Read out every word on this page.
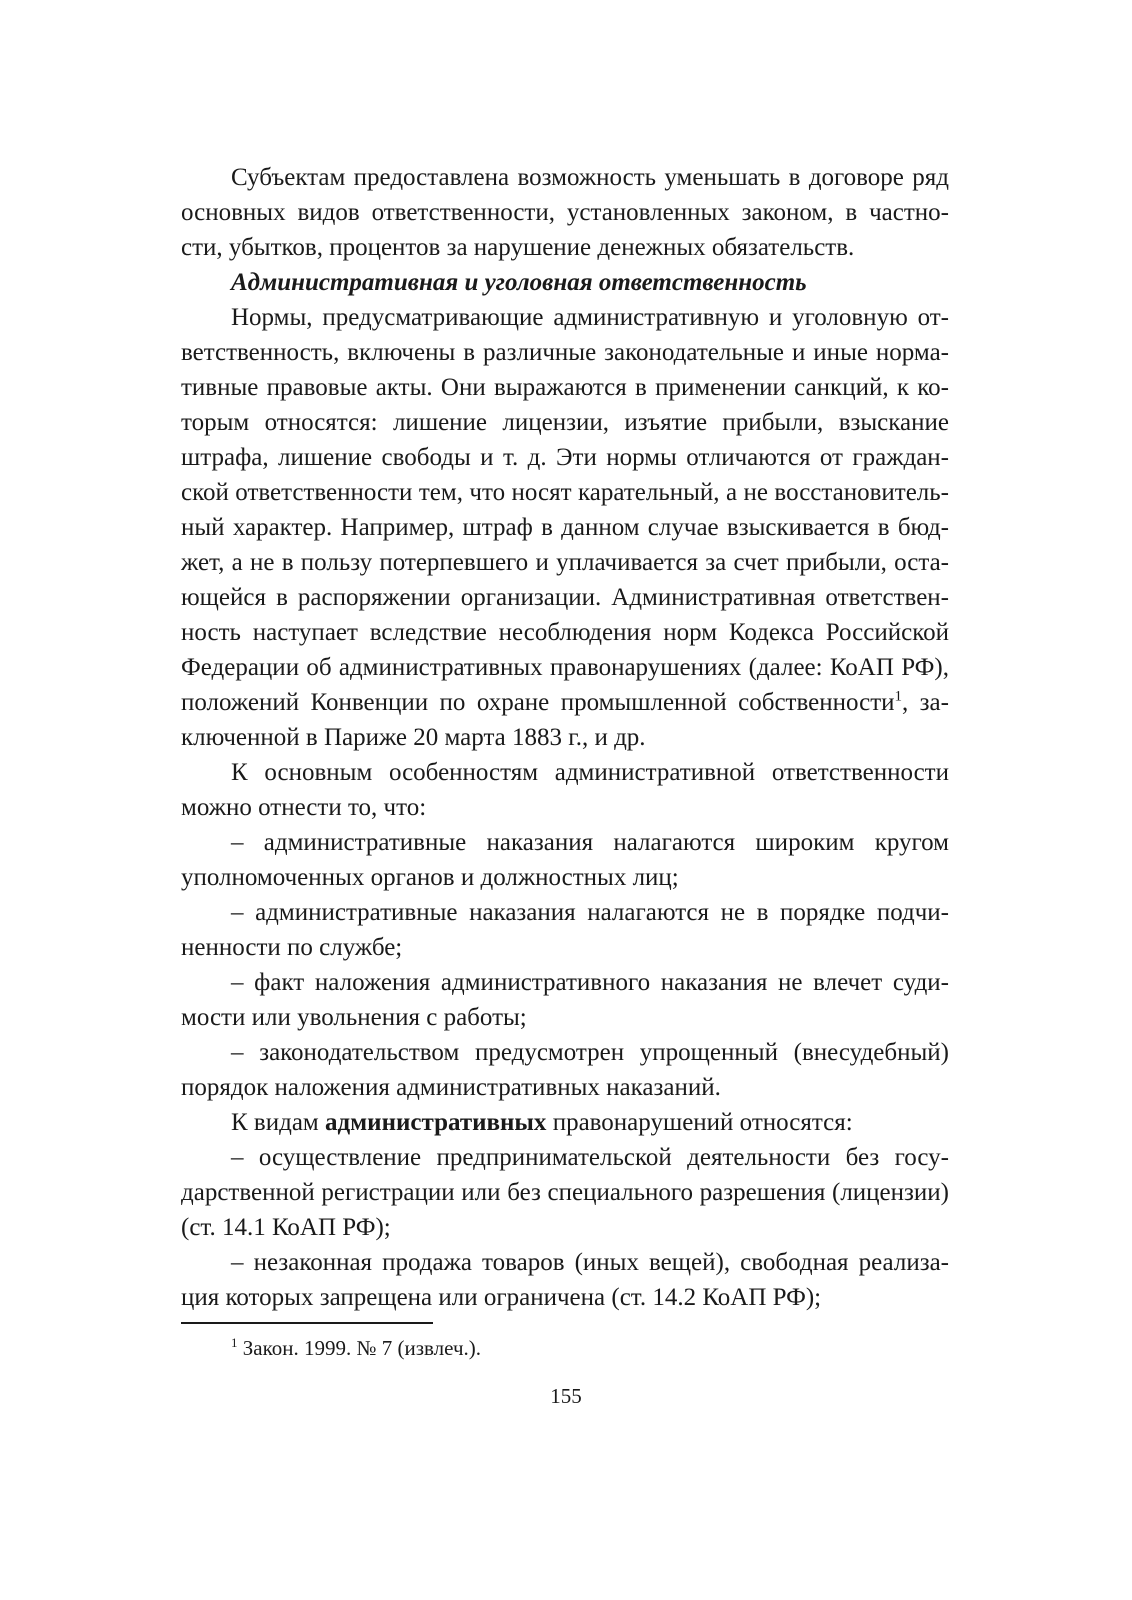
Субъектам предоставлена возможность уменьшать в договоре ряд основных видов ответственности, установленных законом, в частности, убытков, процентов за нарушение денежных обязательств.

Административная и уголовная ответственность

Нормы, предусматривающие административную и уголовную ответственность, включены в различные законодательные и иные нормативные правовые акты. Они выражаются в применении санкций, к которым относятся: лишение лицензии, изъятие прибыли, взыскание штрафа, лишение свободы и т. д. Эти нормы отличаются от гражданской ответственности тем, что носят карательный, а не восстановительный характер. Например, штраф в данном случае взыскивается в бюджет, а не в пользу потерпевшего и уплачивается за счет прибыли, остающейся в распоряжении организации. Административная ответственность наступает вследствие несоблюдения норм Кодекса Российской Федерации об административных правонарушениях (далее: КоАП РФ), положений Конвенции по охране промышленной собственности$^1$, заключенной в Париже 20 марта 1883 г., и др.

К основным особенностям административной ответственности можно отнести то, что:

– административные наказания налагаются широким кругом уполномоченных органов и должностных лиц;

– административные наказания налагаются не в порядке подчиненности по службе;

– факт наложения административного наказания не влечет судимости или увольнения с работы;

– законодательством предусмотрен упрощенный (внесудебный) порядок наложения административных наказаний.

К видам административных правонарушений относятся:

– осуществление предпринимательской деятельности без государственной регистрации или без специального разрешения (лицензии) (ст. 14.1 КоАП РФ);

– незаконная продажа товаров (иных вещей), свободная реализация которых запрещена или ограничена (ст. 14.2 КоАП РФ);

$^1$ Закон. 1999. № 7 (извлеч.).
155
